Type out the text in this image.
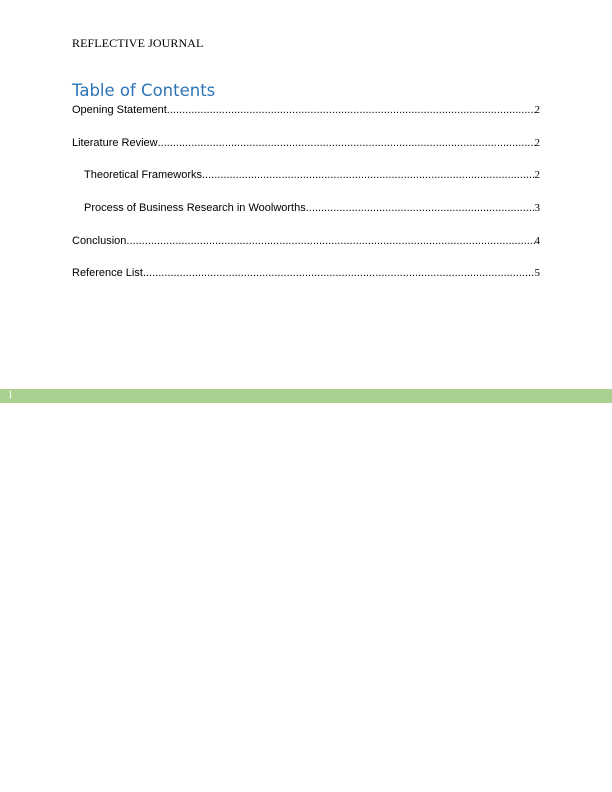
REFLECTIVE JOURNAL
Table of Contents
Opening Statement .....	2
Literature Review .....	2
Theoretical Frameworks .....	2
Process of Business Research in Woolworths .....	3
Conclusion .....	4
Reference List .....	5
1
